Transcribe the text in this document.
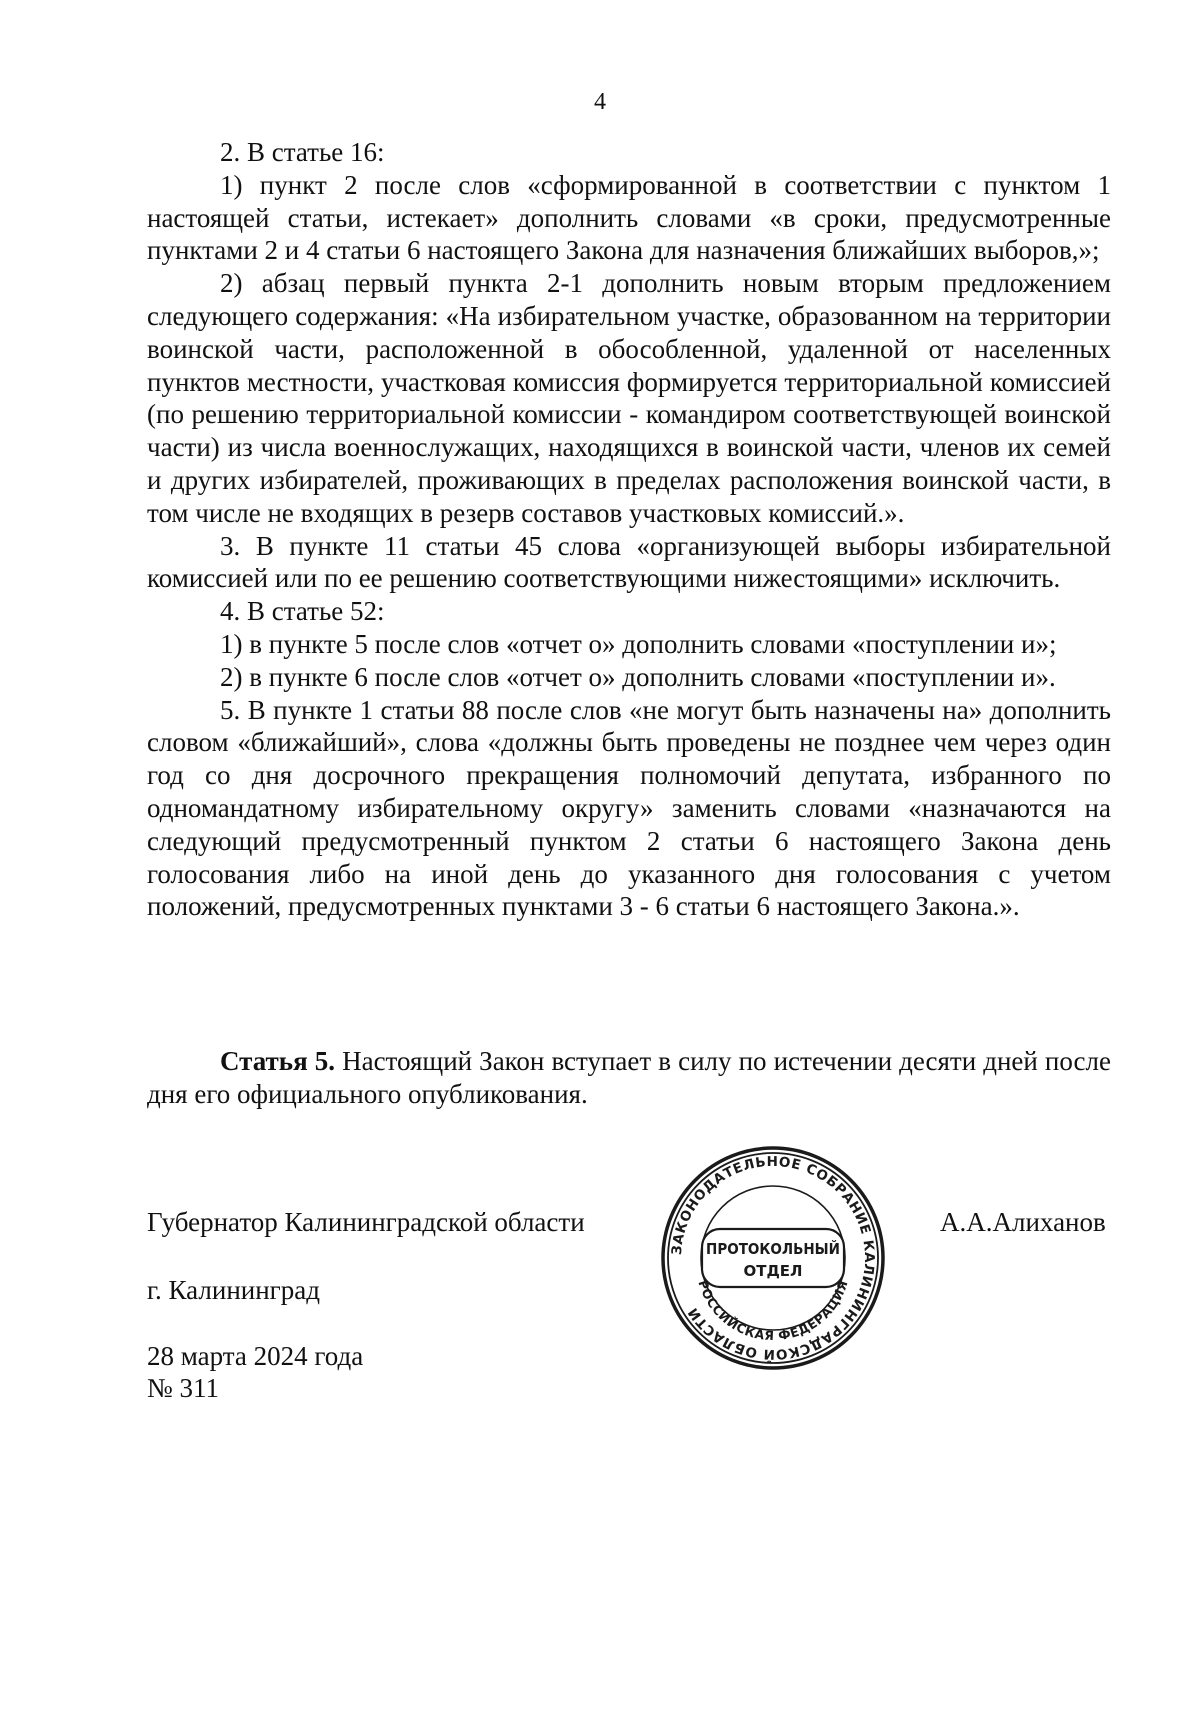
4

2. В статье 16:

1) пункт 2 после слов «сформированной в соответствии с пунктом 1 настоящей статьи, истекает» дополнить словами «в сроки, предусмотренные пунктами 2 и 4 статьи 6 настоящего Закона для назначения ближайших выборов,»;

2) абзац первый пункта 2-1 дополнить новым вторым предложением следующего содержания: «На избирательном участке, образованном на территории воинской части, расположенной в обособленной, удаленной от населенных пунктов местности, участковая комиссия формируется территориальной комиссией (по решению территориальной комиссии - командиром соответствующей воинской части) из числа военнослужащих, находящихся в воинской части, членов их семей и других избирателей, проживающих в пределах расположения воинской части, в том числе не входящих в резерв составов участковых комиссий.».

3. В пункте 11 статьи 45 слова «организующей выборы избирательной комиссией или по ее решению соответствующими нижестоящими» исключить.

4. В статье 52:

1) в пункте 5 после слов «отчет о» дополнить словами «поступлении и»;

2) в пункте 6 после слов «отчет о» дополнить словами «поступлении и».

5. В пункте 1 статьи 88 после слов «не могут быть назначены на» дополнить словом «ближайший», слова «должны быть проведены не позднее чем через один год со дня досрочного прекращения полномочий депутата, избранного по одномандатному избирательному округу» заменить словами «назначаются на следующий предусмотренный пунктом 2 статьи 6 настоящего Закона день голосования либо на иной день до указанного дня голосования с учетом положений, предусмотренных пунктами 3 - 6 статьи 6 настоящего Закона.».

Статья 5. Настоящий Закон вступает в силу по истечении десяти дней после дня его официального опубликования.

Губернатор Калининградской области	А.А.Алиханов
г. Калининград
28 марта 2024 года
№ 311
ЗАКОНОДАТЕЛЬНОЕ СОБРАНИЕ КАЛИНИНГРАДСКОЙ ОБЛАСТИ
РОССИЙСКАЯ ФЕДЕРАЦИЯ
ПРОТОКОЛЬНЫЙ
ОТДЕЛ
